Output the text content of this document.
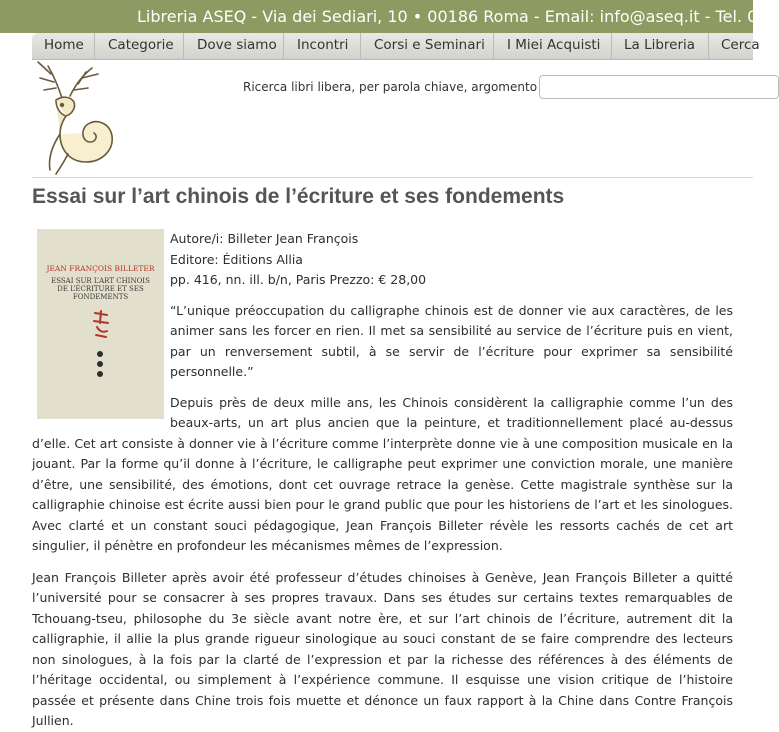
Libreria ASEQ - Via dei Sediari, 10 • 00186 Roma - Email: info@aseq.it - Tel. 06
Home Categorie Dove siamo Incontri Corsi e Seminari I Miei Acquisti La Libreria Cerca
Ricerca libri libera, per parola chiave, argomento
Essai sur l’art chinois de l’écriture et ses fondements
JEAN FRANÇOIS BILLETER
ESSAI SUR L’ART CHINOIS
DE L’ÉCRITURE ET SES FONDEMENTS

Autore/i: Billeter Jean François

Editore: Éditions Allia

pp. 416, nn. ill. b/n, Paris Prezzo: € 28,00

“L’unique préoccupation du calligraphe chinois est de donner vie aux caractères, de les animer sans les forcer en rien. Il met sa sensibilité au service de l’écriture puis en vient, par un renversement subtil, à se servir de l’écriture pour exprimer sa sensibilité personnelle.”

Depuis près de deux mille ans, les Chinois considèrent la calligraphie comme l’un des beaux-arts, un art plus ancien que la peinture, et traditionnellement placé au-dessus d’elle. Cet art consiste à donner vie à l’écriture comme l’interprète donne vie à une composition musicale en la jouant. Par la forme qu’il donne à l’écriture, le calligraphe peut exprimer une conviction morale, une manière d’être, une sensibilité, des émotions, dont cet ouvrage retrace la genèse. Cette magistrale synthèse sur la calligraphie chinoise est écrite aussi bien pour le grand public que pour les historiens de l’art et les sinologues. Avec clarté et un constant souci pédagogique, Jean François Billeter révèle les ressorts cachés de cet art singulier, il pénètre en profondeur les mécanismes mêmes de l’expression.

Jean François Billeter après avoir été professeur d’études chinoises à Genève, Jean François Billeter a quitté l’université pour se consacrer à ses propres travaux. Dans ses études sur certains textes remarquables de Tchouang-tseu, philosophe du 3e siècle avant notre ère, et sur l’art chinois de l’écriture, autrement dit la calligraphie, il allie la plus grande rigueur sinologique au souci constant de se faire comprendre des lecteurs non sinologues, à la fois par la clarté de l’expression et par la richesse des références à des éléments de l’héritage occidental, ou simplement à l’expérience commune. Il esquisse une vision critique de l’histoire passée et présente dans Chine trois fois muette et dénonce un faux rapport à la Chine dans Contre François Jullien.
